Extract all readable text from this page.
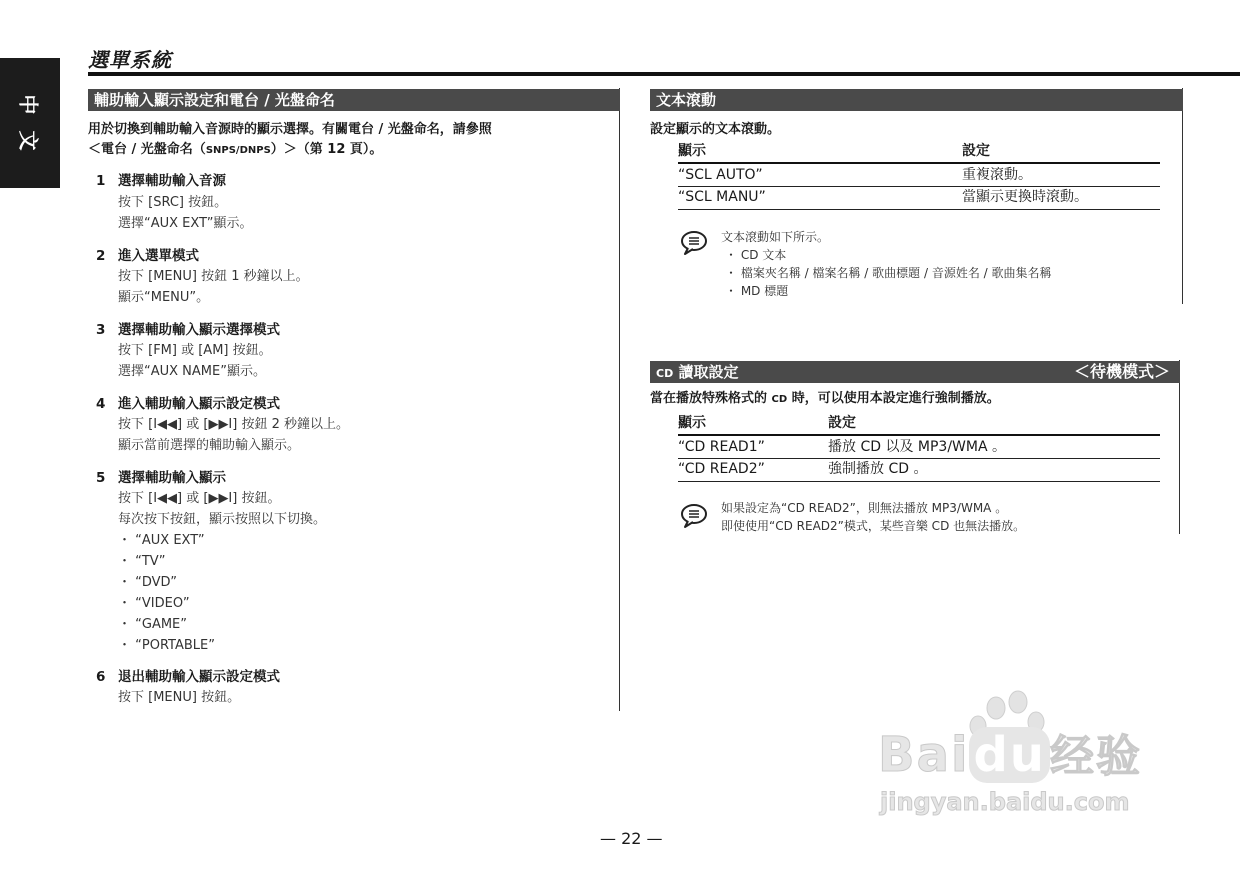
文
中
選單系統
輔助輸入顯示設定和電台 / 光盤命名
用於切換到輔助輸入音源時的顯示選擇。有關電台 / 光盤命名，請參照
＜電台 / 光盤命名（SNPS/DNPS）＞（第 12 頁）。
1 選擇輔助輸入音源
按下 [SRC] 按鈕。
選擇“AUX EXT”顯示。
2 進入選單模式
按下 [MENU] 按鈕 1 秒鐘以上。
顯示“MENU”。
3 選擇輔助輸入顯示選擇模式
按下 [FM] 或 [AM] 按鈕。
選擇“AUX NAME”顯示。
4 進入輔助輸入顯示設定模式
按下 [I◀◀] 或 [▶▶I] 按鈕 2 秒鐘以上。
顯示當前選擇的輔助輸入顯示。
5 選擇輔助輸入顯示
按下 [I◀◀] 或 [▶▶I] 按鈕。
每次按下按鈕，顯示按照以下切換。
・ “AUX EXT”
・ “TV”
・ “DVD”
・ “VIDEO”
・ “GAME”
・ “PORTABLE”
6 退出輔助輸入顯示設定模式
按下 [MENU] 按鈕。
文本滾動
設定顯示的文本滾動。
顯示	設定
“SCL AUTO”	重複滾動。
“SCL MANU”	當顯示更換時滾動。
文本滾動如下所示。
・ CD 文本
・ 檔案夾名稱 / 檔案名稱 / 歌曲標題 / 音源姓名 / 歌曲集名稱
・ MD 標題
CD 讀取設定	＜待機模式＞
當在播放特殊格式的 CD 時，可以使用本設定進行強制播放。
顯示	設定
“CD READ1”	播放 CD 以及 MP3/WMA 。
“CD READ2”	強制播放 CD 。
如果設定為“CD READ2”，則無法播放 MP3/WMA 。
即使使用“CD READ2”模式，某些音樂 CD 也無法播放。
— 22 —
Baidu经验
jingyan.baidu.com
